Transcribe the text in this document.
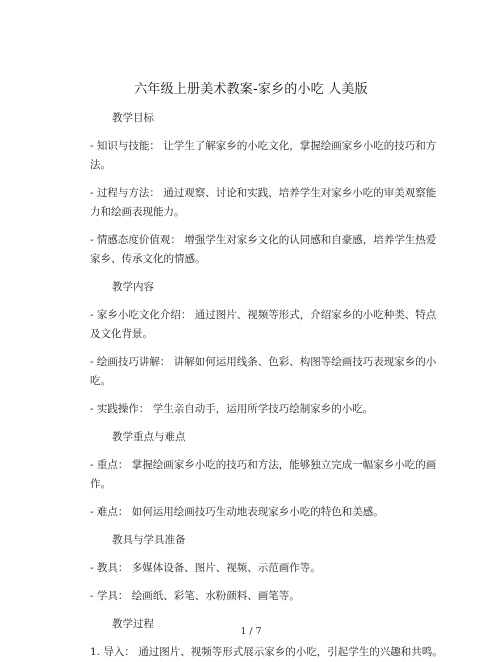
六年级上册美术教案-家乡的小吃 人美版

教学目标

- 知识与技能： 让学生了解家乡的小吃文化，掌握绘画家乡小吃的技巧和方

法。

- 过程与方法： 通过观察、讨论和实践，培养学生对家乡小吃的审美观察能

力和绘画表现能力。

- 情感态度价值观： 增强学生对家乡文化的认同感和自豪感，培养学生热爱

家乡、传承文化的情感。

教学内容

- 家乡小吃文化介绍： 通过图片、视频等形式，介绍家乡的小吃种类、特点

及文化背景。

- 绘画技巧讲解： 讲解如何运用线条、色彩、构图等绘画技巧表现家乡的小

吃。

- 实践操作： 学生亲自动手，运用所学技巧绘制家乡的小吃。

教学重点与难点

- 重点： 掌握绘画家乡小吃的技巧和方法，能够独立完成一幅家乡小吃的画

作。

- 难点： 如何运用绘画技巧生动地表现家乡小吃的特色和美感。

教具与学具准备

- 教具： 多媒体设备、图片、视频、示范画作等。

- 学具： 绘画纸、彩笔、水粉颜料、画笔等。

教学过程

1. 导入： 通过图片、视频等形式展示家乡的小吃，引起学生的兴趣和共鸣。

1 / 7
